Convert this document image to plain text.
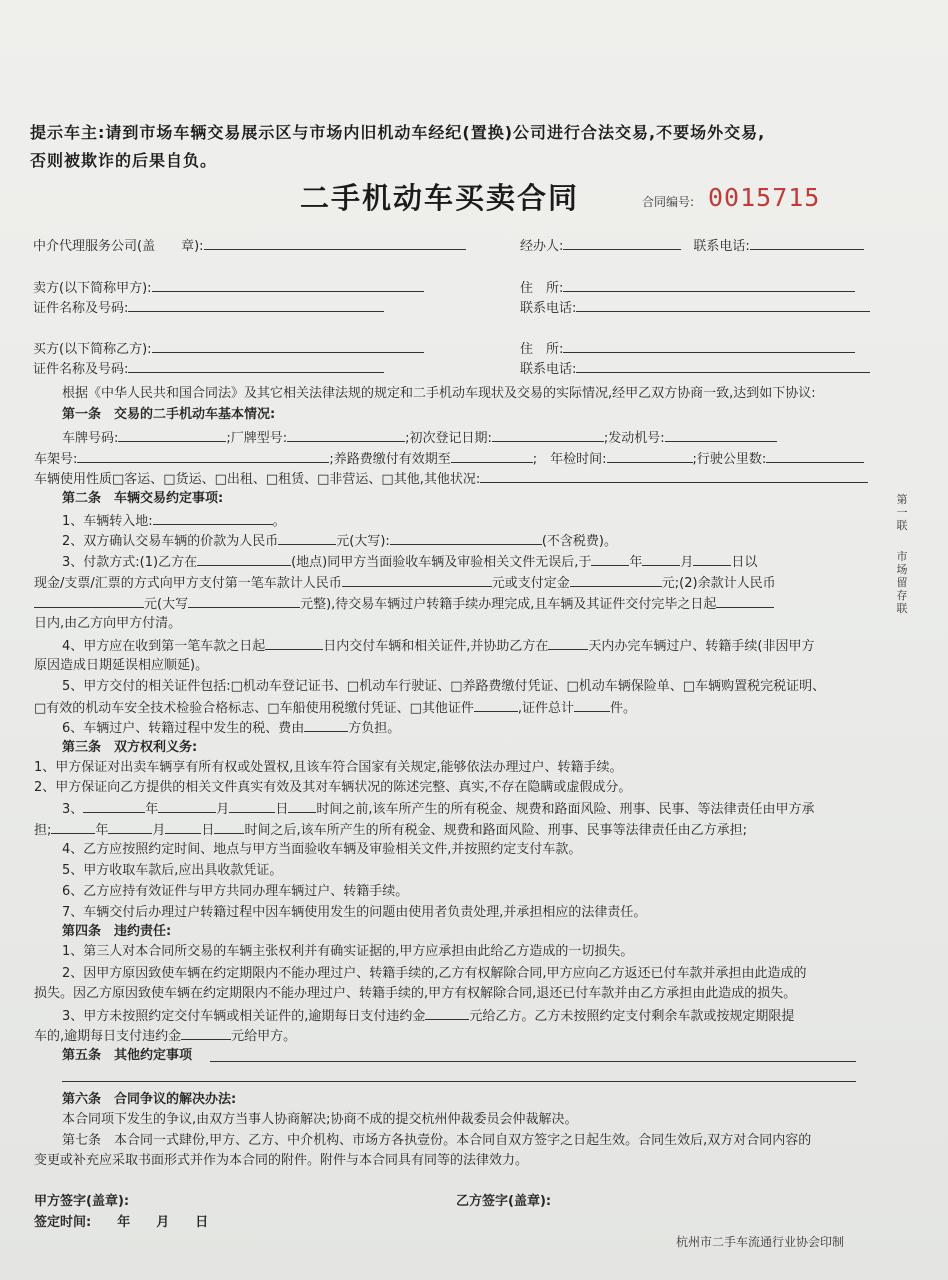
提示车主:请到市场车辆交易展示区与市场内旧机动车经纪(置换)公司进行合法交易,不要场外交易,
否则被欺诈的后果自负。
二手机动车买卖合同	合同编号: 0015715
中介代理服务公司(盖　　章):	经办人:	联系电话:
卖方(以下简称甲方):	住　所:
证件名称及号码:	联系电话:
买方(以下简称乙方):	住　所:
证件名称及号码:	联系电话:
根据《中华人民共和国合同法》及其它相关法律法规的规定和二手机动车现状及交易的实际情况,经甲乙双方协商一致,达到如下协议:
第一条　交易的二手机动车基本情况:
车牌号码:	;厂牌型号:	;初次登记日期:	;发动机号:
车架号:	;养路费缴付有效期至	;　年检时间:	;行驶公里数:
车辆使用性质□客运、□货运、□出租、□租赁、□非营运、□其他,其他状况:
第二条　车辆交易约定事项:
1、车辆转入地:	。
2、双方确认交易车辆的价款为人民币	元(大写):	(不含税费)。
3、付款方式:(1)乙方在	(地点)同甲方当面验收车辆及审验相关文件无误后,于	年	月	日以
现金/支票/汇票的方式向甲方支付第一笔车款计人民币	元或支付定金	元;(2)余款计人民币
元(大写	元整),待交易车辆过户转籍手续办理完成,且车辆及其证件交付完毕之日起
日内,由乙方向甲方付清。
4、甲方应在收到第一笔车款之日起	日内交付车辆和相关证件,并协助乙方在	天内办完车辆过户、转籍手续(非因甲方
原因造成日期延误相应顺延)。
5、甲方交付的相关证件包括:□机动车登记证书、□机动车行驶证、□养路费缴付凭证、□机动车辆保险单、□车辆购置税完税证明、
□有效的机动车安全技术检验合格标志、□车船使用税缴付凭证、□其他证件	,证件总计	件。
6、车辆过户、转籍过程中发生的税、费由	方负担。
第三条　双方权利义务:
1、甲方保证对出卖车辆享有所有权或处置权,且该车符合国家有关规定,能够依法办理过户、转籍手续。
2、甲方保证向乙方提供的相关文件真实有效及其对车辆状况的陈述完整、真实,不存在隐瞒或虚假成分。
3、	年	月	日 时间之前,该车所产生的所有税金、规费和路面风险、刑事、民事、等法律责任由甲方承
担;	年	月	日 时间之后,该车所产生的所有税金、规费和路面风险、刑事、民事等法律责任由乙方承担;
4、乙方应按照约定时间、地点与甲方当面验收车辆及审验相关文件,并按照约定支付车款。
5、甲方收取车款后,应出具收款凭证。
6、乙方应持有效证件与甲方共同办理车辆过户、转籍手续。
7、车辆交付后办理过户转籍过程中因车辆使用发生的问题由使用者负责处理,并承担相应的法律责任。
第四条　违约责任:
1、第三人对本合同所交易的车辆主张权利并有确实证据的,甲方应承担由此给乙方造成的一切损失。
2、因甲方原因致使车辆在约定期限内不能办理过户、转籍手续的,乙方有权解除合同,甲方应向乙方返还已付车款并承担由此造成的
损失。因乙方原因致使车辆在约定期限内不能办理过户、转籍手续的,甲方有权解除合同,退还已付车款并由乙方承担由此造成的损失。
3、甲方未按照约定交付车辆或相关证件的,逾期每日支付违约金	元给乙方。乙方未按照约定支付剩余车款或按规定期限提
车的,逾期每日支付违约金	元给甲方。
第五条　其他约定事项
第六条　合同争议的解决办法:
本合同项下发生的争议,由双方当事人协商解决;协商不成的提交杭州仲裁委员会仲裁解决。
第七条　本合同一式肆份,甲方、乙方、中介机构、市场方各执壹份。本合同自双方签字之日起生效。合同生效后,双方对合同内容的
变更或补充应采取书面形式并作为本合同的附件。附件与本合同具有同等的法律效力。
甲方签字(盖章):	乙方签字(盖章):
签定时间:　　年　　月　　日
第
一
联
市
场
留
存
联
杭州市二手车流通行业协会印制
